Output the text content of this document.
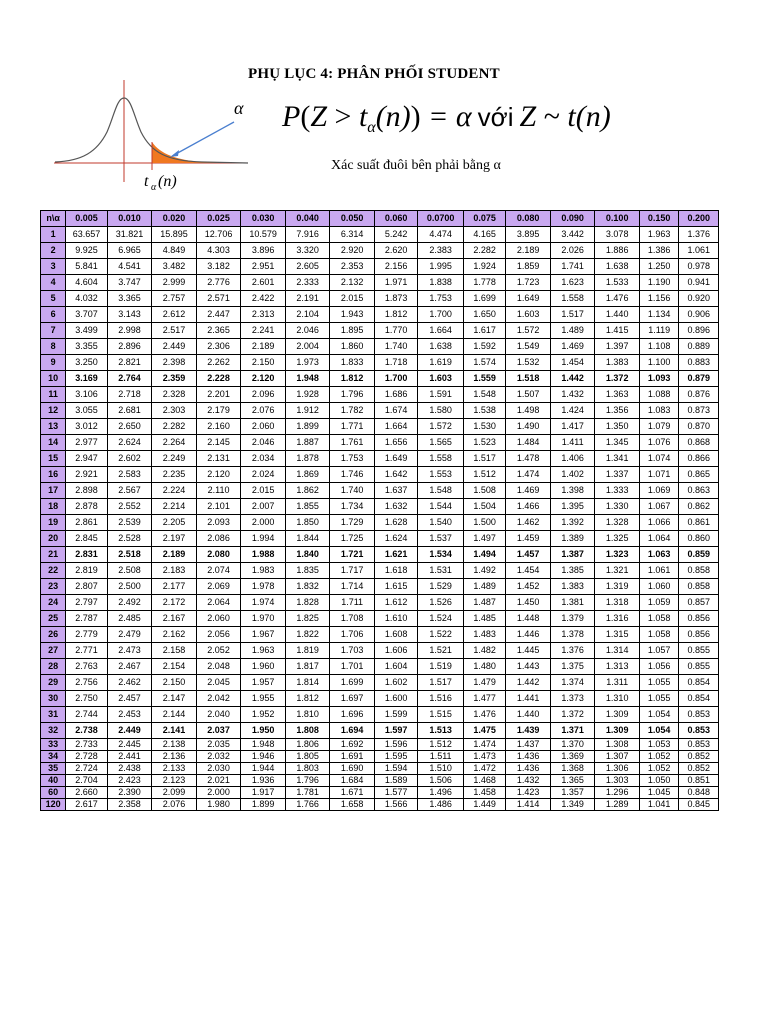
α
t α (n)
PHỤ LỤC 4: PHÂN PHỐI STUDENT
$P(Z > t_\alpha(n)) = \alpha$ với Z ~ t(n)
Xác suất đuôi bên phải bằng α
n\α	0.005	0.010	0.020	0.025	0.030	0.040	0.050	0.060	0.0700	0.075	0.080	0.090	0.100	0.150	0.200
1	63.657	31.821	15.895	12.706	10.579	7.916	6.314	5.242	4.474	4.165	3.895	3.442	3.078	1.963	1.376
2	9.925	6.965	4.849	4.303	3.896	3.320	2.920	2.620	2.383	2.282	2.189	2.026	1.886	1.386	1.061
3	5.841	4.541	3.482	3.182	2.951	2.605	2.353	2.156	1.995	1.924	1.859	1.741	1.638	1.250	0.978
4	4.604	3.747	2.999	2.776	2.601	2.333	2.132	1.971	1.838	1.778	1.723	1.623	1.533	1.190	0.941
5	4.032	3.365	2.757	2.571	2.422	2.191	2.015	1.873	1.753	1.699	1.649	1.558	1.476	1.156	0.920
6	3.707	3.143	2.612	2.447	2.313	2.104	1.943	1.812	1.700	1.650	1.603	1.517	1.440	1.134	0.906
7	3.499	2.998	2.517	2.365	2.241	2.046	1.895	1.770	1.664	1.617	1.572	1.489	1.415	1.119	0.896
8	3.355	2.896	2.449	2.306	2.189	2.004	1.860	1.740	1.638	1.592	1.549	1.469	1.397	1.108	0.889
9	3.250	2.821	2.398	2.262	2.150	1.973	1.833	1.718	1.619	1.574	1.532	1.454	1.383	1.100	0.883
10	3.169	2.764	2.359	2.228	2.120	1.948	1.812	1.700	1.603	1.559	1.518	1.442	1.372	1.093	0.879
11	3.106	2.718	2.328	2.201	2.096	1.928	1.796	1.686	1.591	1.548	1.507	1.432	1.363	1.088	0.876
12	3.055	2.681	2.303	2.179	2.076	1.912	1.782	1.674	1.580	1.538	1.498	1.424	1.356	1.083	0.873
13	3.012	2.650	2.282	2.160	2.060	1.899	1.771	1.664	1.572	1.530	1.490	1.417	1.350	1.079	0.870
14	2.977	2.624	2.264	2.145	2.046	1.887	1.761	1.656	1.565	1.523	1.484	1.411	1.345	1.076	0.868
15	2.947	2.602	2.249	2.131	2.034	1.878	1.753	1.649	1.558	1.517	1.478	1.406	1.341	1.074	0.866
16	2.921	2.583	2.235	2.120	2.024	1.869	1.746	1.642	1.553	1.512	1.474	1.402	1.337	1.071	0.865
17	2.898	2.567	2.224	2.110	2.015	1.862	1.740	1.637	1.548	1.508	1.469	1.398	1.333	1.069	0.863
18	2.878	2.552	2.214	2.101	2.007	1.855	1.734	1.632	1.544	1.504	1.466	1.395	1.330	1.067	0.862
19	2.861	2.539	2.205	2.093	2.000	1.850	1.729	1.628	1.540	1.500	1.462	1.392	1.328	1.066	0.861
20	2.845	2.528	2.197	2.086	1.994	1.844	1.725	1.624	1.537	1.497	1.459	1.389	1.325	1.064	0.860
21	2.831	2.518	2.189	2.080	1.988	1.840	1.721	1.621	1.534	1.494	1.457	1.387	1.323	1.063	0.859
22	2.819	2.508	2.183	2.074	1.983	1.835	1.717	1.618	1.531	1.492	1.454	1.385	1.321	1.061	0.858
23	2.807	2.500	2.177	2.069	1.978	1.832	1.714	1.615	1.529	1.489	1.452	1.383	1.319	1.060	0.858
24	2.797	2.492	2.172	2.064	1.974	1.828	1.711	1.612	1.526	1.487	1.450	1.381	1.318	1.059	0.857
25	2.787	2.485	2.167	2.060	1.970	1.825	1.708	1.610	1.524	1.485	1.448	1.379	1.316	1.058	0.856
26	2.779	2.479	2.162	2.056	1.967	1.822	1.706	1.608	1.522	1.483	1.446	1.378	1.315	1.058	0.856
27	2.771	2.473	2.158	2.052	1.963	1.819	1.703	1.606	1.521	1.482	1.445	1.376	1.314	1.057	0.855
28	2.763	2.467	2.154	2.048	1.960	1.817	1.701	1.604	1.519	1.480	1.443	1.375	1.313	1.056	0.855
29	2.756	2.462	2.150	2.045	1.957	1.814	1.699	1.602	1.517	1.479	1.442	1.374	1.311	1.055	0.854
30	2.750	2.457	2.147	2.042	1.955	1.812	1.697	1.600	1.516	1.477	1.441	1.373	1.310	1.055	0.854
31	2.744	2.453	2.144	2.040	1.952	1.810	1.696	1.599	1.515	1.476	1.440	1.372	1.309	1.054	0.853
32	2.738	2.449	2.141	2.037	1.950	1.808	1.694	1.597	1.513	1.475	1.439	1.371	1.309	1.054	0.853
33	2.733	2.445	2.138	2.035	1.948	1.806	1.692	1.596	1.512	1.474	1.437	1.370	1.308	1.053	0.853
34	2.728	2.441	2.136	2.032	1.946	1.805	1.691	1.595	1.511	1.473	1.436	1.369	1.307	1.052	0.852
35	2.724	2.438	2.133	2.030	1.944	1.803	1.690	1.594	1.510	1.472	1.436	1.368	1.306	1.052	0.852
40	2.704	2.423	2.123	2.021	1.936	1.796	1.684	1.589	1.506	1.468	1.432	1.365	1.303	1.050	0.851
60	2.660	2.390	2.099	2.000	1.917	1.781	1.671	1.577	1.496	1.458	1.423	1.357	1.296	1.045	0.848
120	2.617	2.358	2.076	1.980	1.899	1.766	1.658	1.566	1.486	1.449	1.414	1.349	1.289	1.041	0.845
